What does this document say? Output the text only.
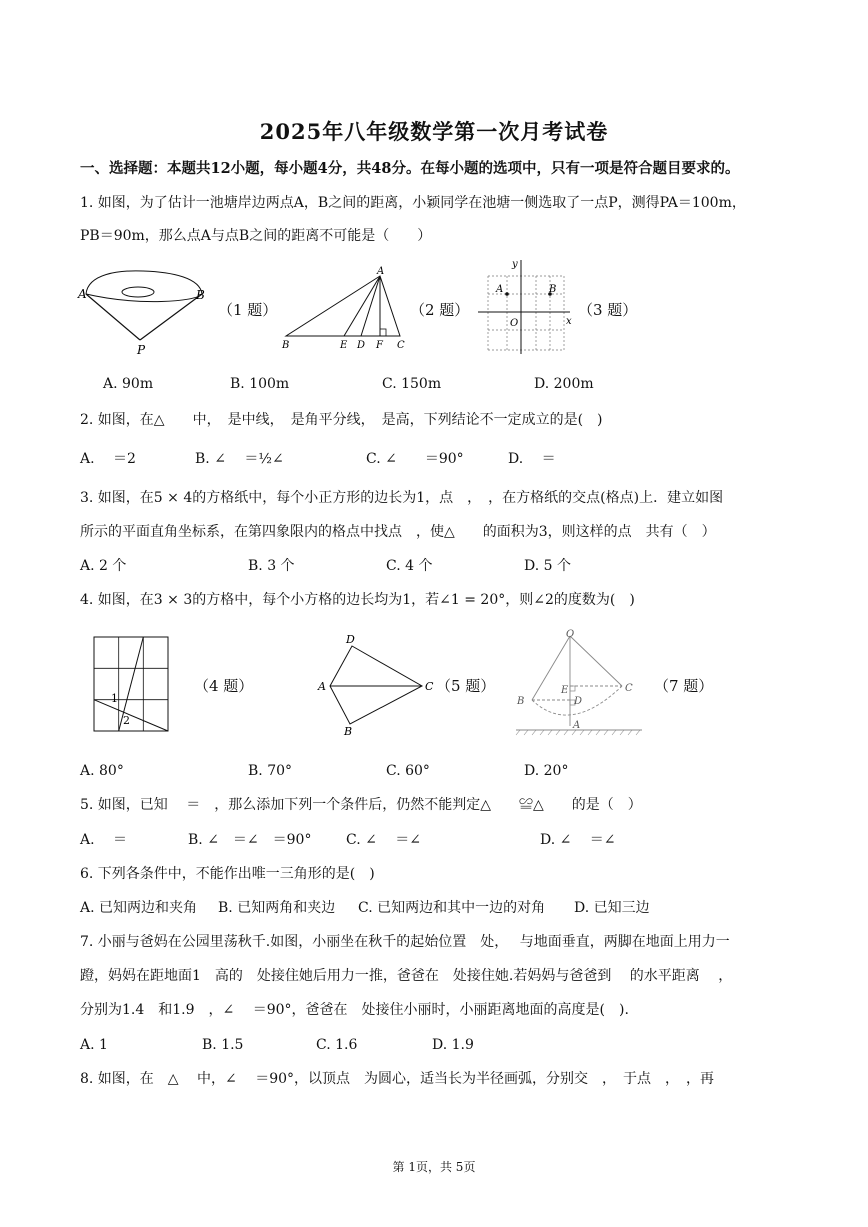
2025年八年级数学第一次月考试卷
一、选择题：本题共12小题，每小题4分，共48分。在每小题的选项中，只有一项是符合题目要求的。
1. 如图，为了估计一池塘岸边两点A，B之间的距离，小颖同学在池塘一侧选取了一点P，测得PA＝100m，
PB＝90m，那么点A与点B之间的距离不可能是（　　）
A	B
P
（1 题）
A
B	E D F C
（2 题）
y
x
A	B
O
（3 题）
A. 90m	B. 100m	C. 150m	D. 200m
2. 如图，在△　　中，　是中线，　是角平分线，　是高，下列结论不一定成立的是(　)
A.　 ＝2	B. ∠　 ＝½∠	C. ∠　　＝90°	D.　 ＝
3. 如图，在5 × 4的方格纸中，每个小正方形的边长为1，点　，　，在方格纸的交点(格点)上．建立如图
所示的平面直角坐标系，在第四象限内的格点中找点　，使△　　的面积为3，则这样的点　共有（　）
A. 2 个	B. 3 个	C. 4 个	D. 5 个
4. 如图，在3 × 3的方格中，每个小方格的边长均为1，若∠1 = 20°，则∠2的度数为(　)
1
2
（4 题）
D
A	C
B
（5 题）
O
E
D
B
C
A
（7 题）
A. 80°	B. 70°	C. 60°	D. 20°
5. 如图，已知　 ＝　，那么添加下列一个条件后，仍然不能判定△　　≌△　　的是（　）
A.　 ＝	B. ∠　＝∠　＝90° C. ∠　 ＝∠	D. ∠　 ＝∠
6. 下列各条件中，不能作出唯一三角形的是(　)
A. 已知两边和夹角 B. 已知两角和夹边 C. 已知两边和其中一边的对角 D. 已知三边
7. 小丽与爸妈在公园里荡秋千.如图，小丽坐在秋千的起始位置　处，　 与地面垂直，两脚在地面上用力一
蹬，妈妈在距地面1　高的　处接住她后用力一推，爸爸在　处接住她.若妈妈与爸爸到　 的水平距离　 ，
分别为1.4　和1.9　，∠　 ＝90°，爸爸在　处接住小丽时，小丽距离地面的高度是(　).
A. 1	B. 1.5	C. 1.6	D. 1.9
8. 如图，在　△　 中，∠　 ＝90°，以顶点　为圆心，适当长为半径画弧，分别交　，　于点　，　，再
第 1页，共 5页
